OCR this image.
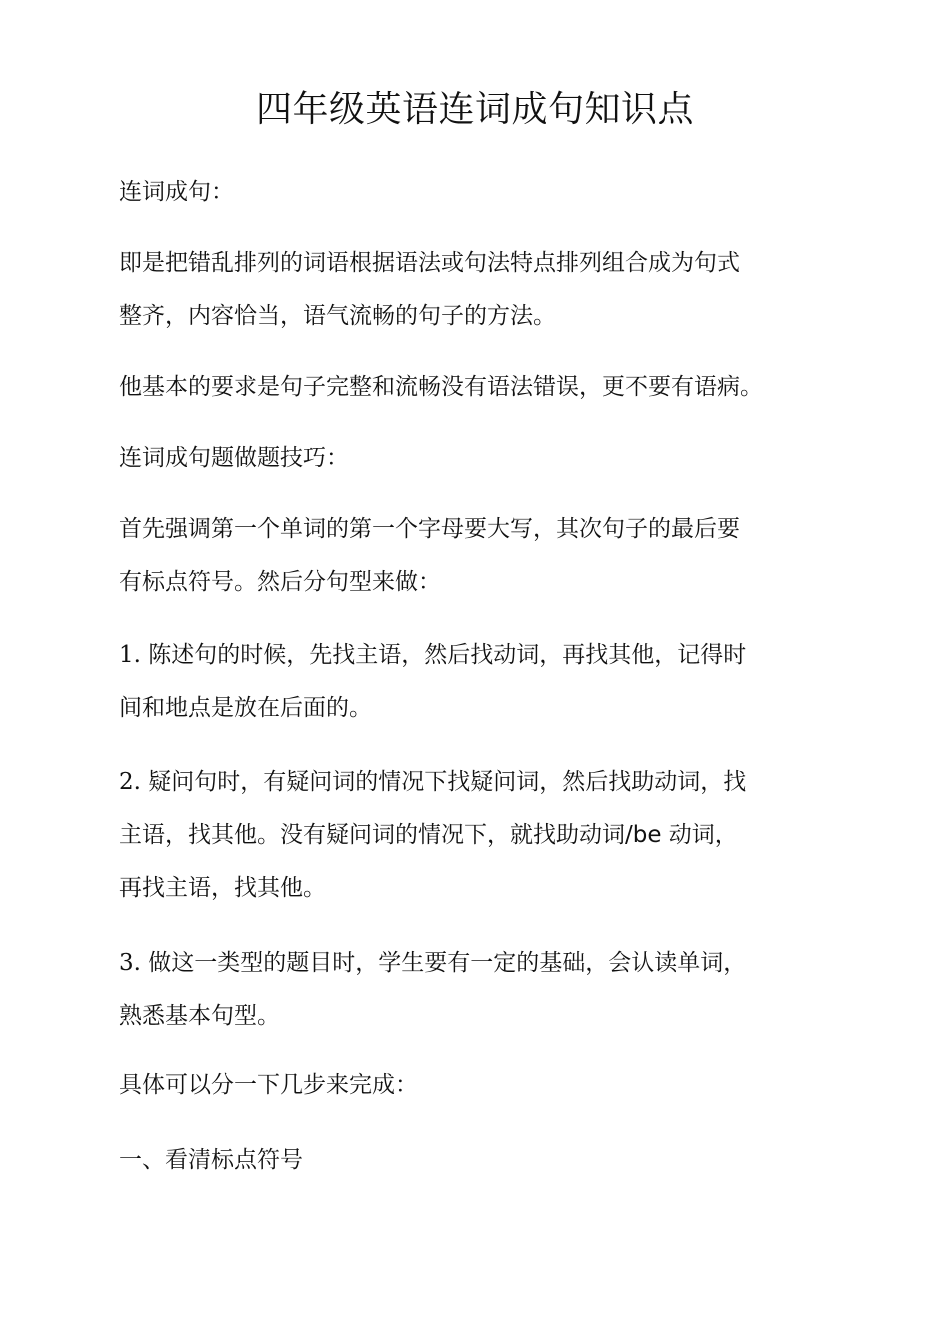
四年级英语连词成句知识点

连词成句：

即是把错乱排列的词语根据语法或句法特点排列组合成为句式
整齐，内容恰当，语气流畅的句子的方法。

他基本的要求是句子完整和流畅没有语法错误，更不要有语病。

连词成句题做题技巧：

首先强调第一个单词的第一个字母要大写，其次句子的最后要
有标点符号。然后分句型来做：

1. 陈述句的时候，先找主语，然后找动词，再找其他，记得时
间和地点是放在后面的。

2. 疑问句时，有疑问词的情况下找疑问词，然后找助动词，找
主语，找其他。没有疑问词的情况下，就找助动词/be 动词，
再找主语，找其他。

3. 做这一类型的题目时，学生要有一定的基础，会认读单词，
熟悉基本句型。

具体可以分一下几步来完成：

一、看清标点符号
